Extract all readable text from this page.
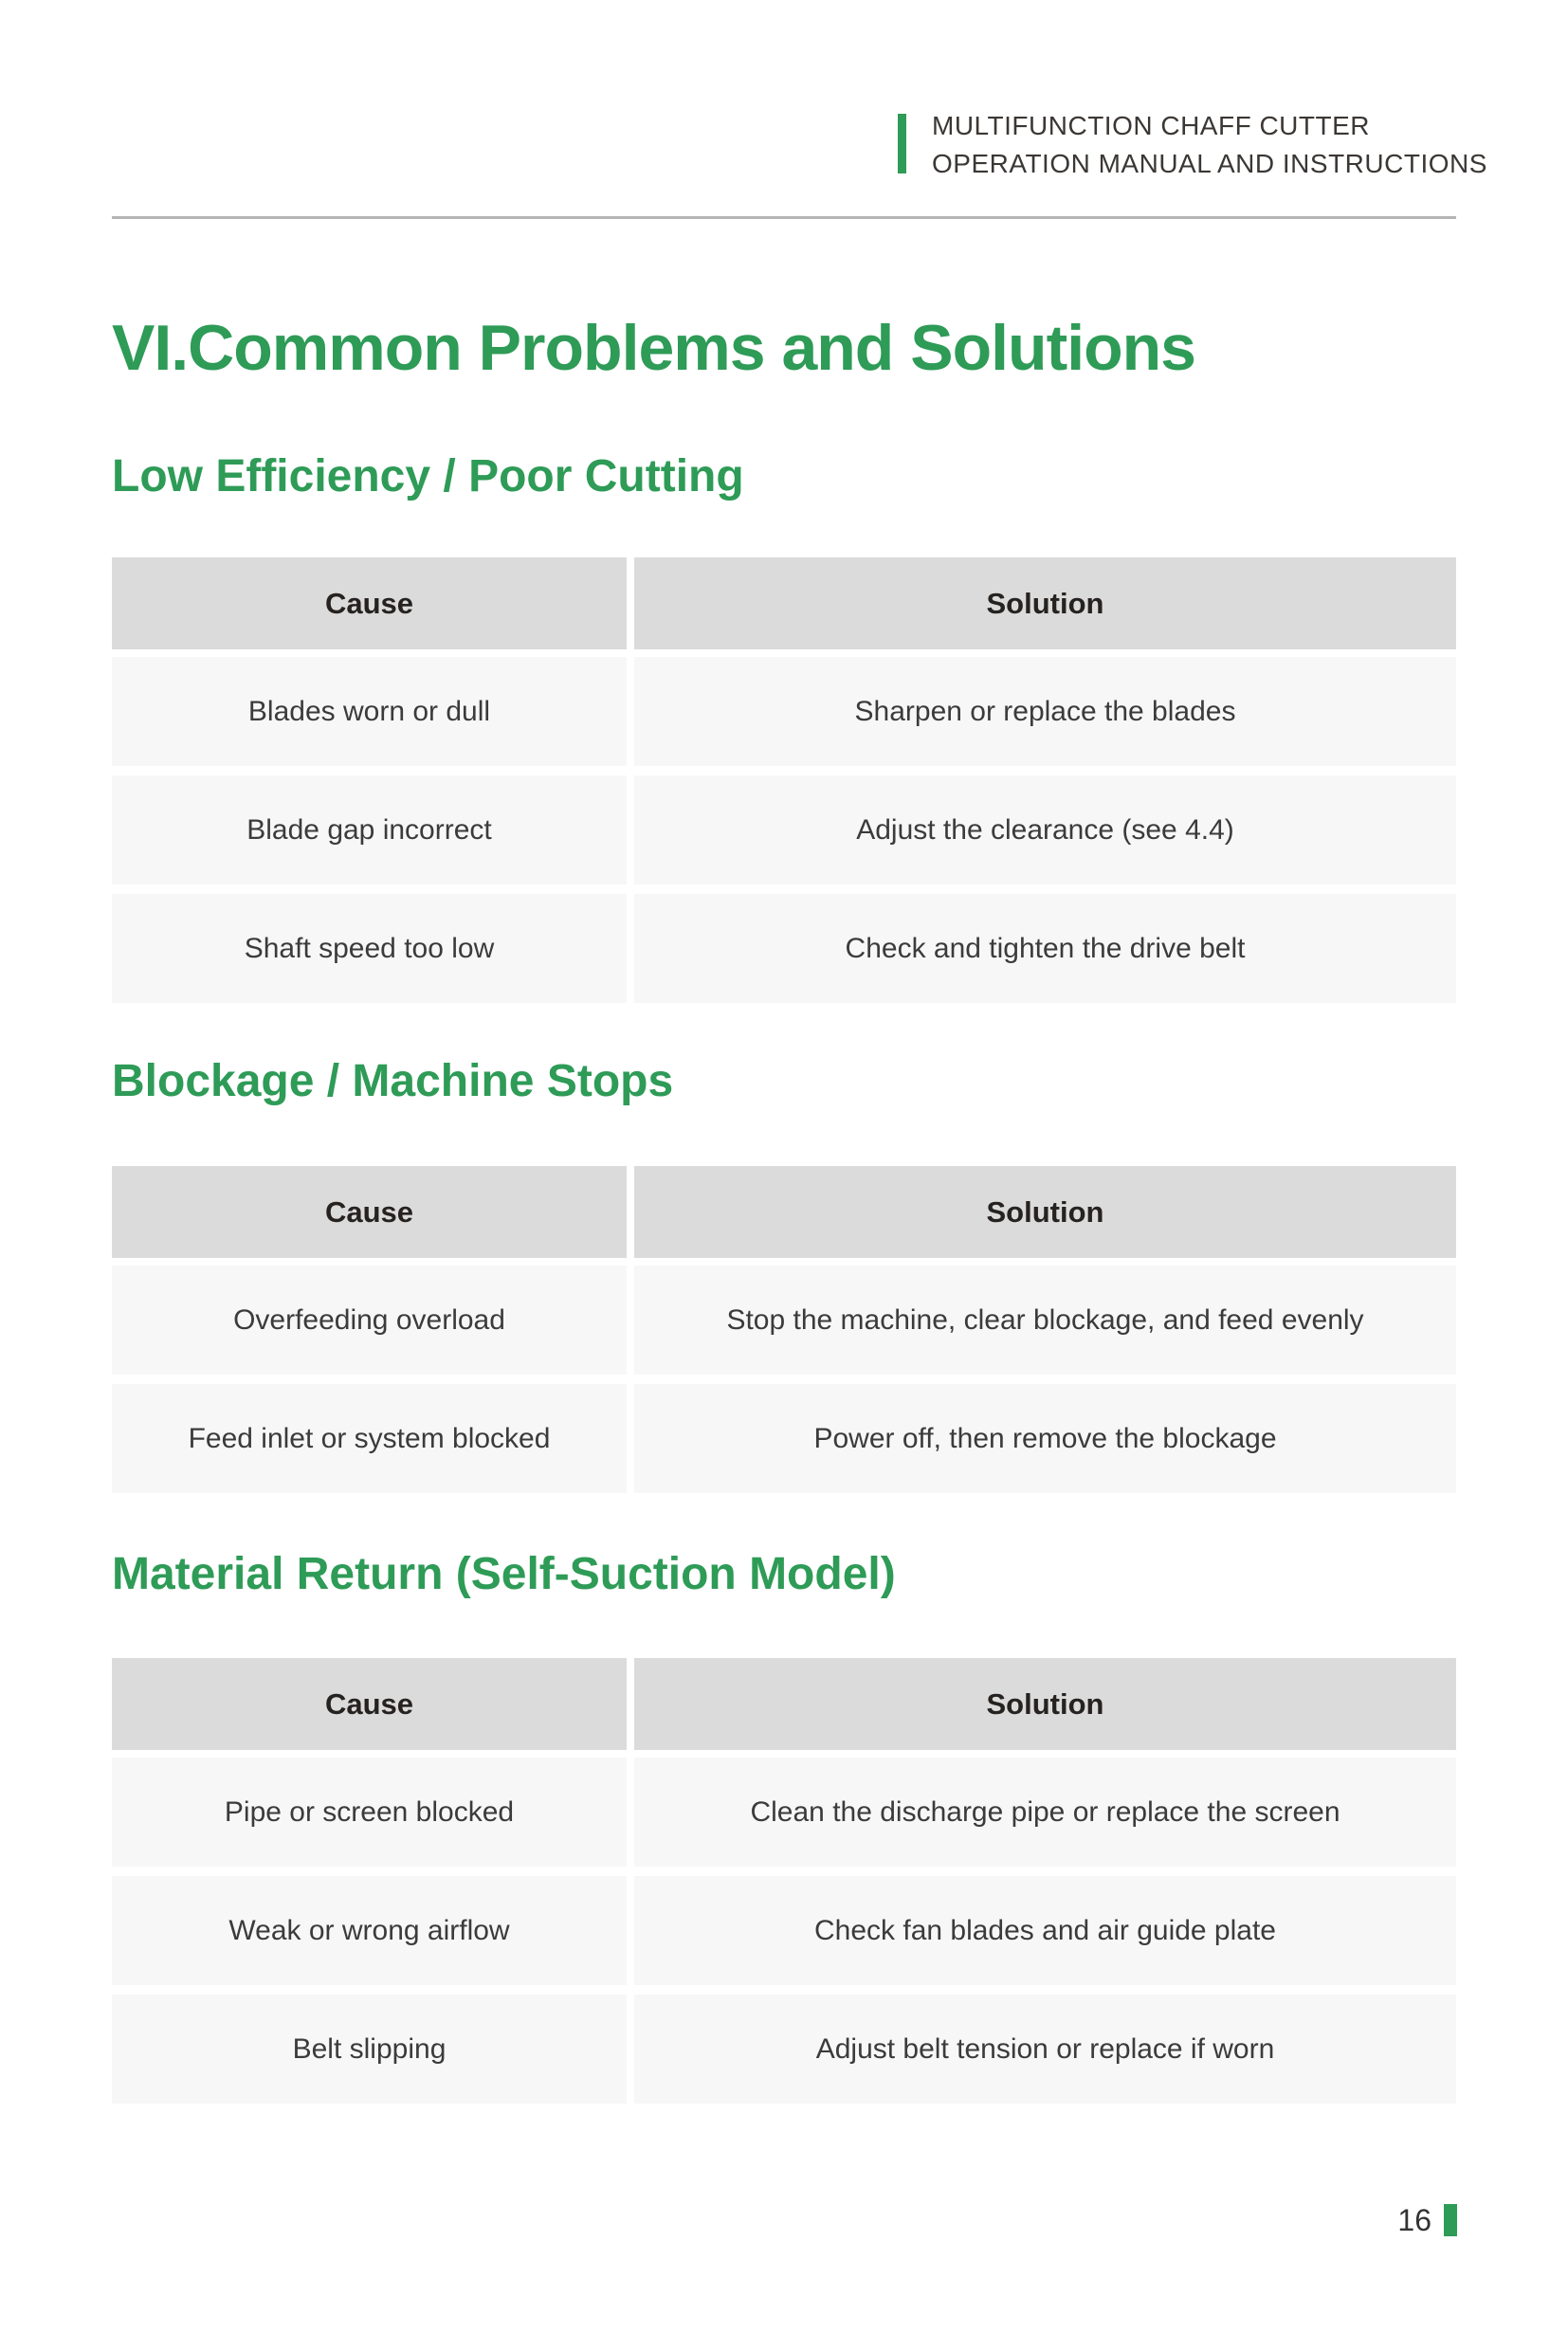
MULTIFUNCTION CHAFF CUTTER
OPERATION MANUAL AND INSTRUCTIONS
VI.Common Problems and Solutions
Low Efficiency / Poor Cutting
Cause	Solution
Blades worn or dull	Sharpen or replace the blades
Blade gap incorrect	Adjust the clearance (see 4.4)
Shaft speed too low	Check and tighten the drive belt
Blockage / Machine Stops
Cause	Solution
Overfeeding overload	Stop the machine, clear blockage, and feed evenly
Feed inlet or system blocked	Power off, then remove the blockage
Material Return (Self-Suction Model)
Cause	Solution
Pipe or screen blocked	Clean the discharge pipe or replace the screen
Weak or wrong airflow	Check fan blades and air guide plate
Belt slipping	Adjust belt tension or replace if worn
16
